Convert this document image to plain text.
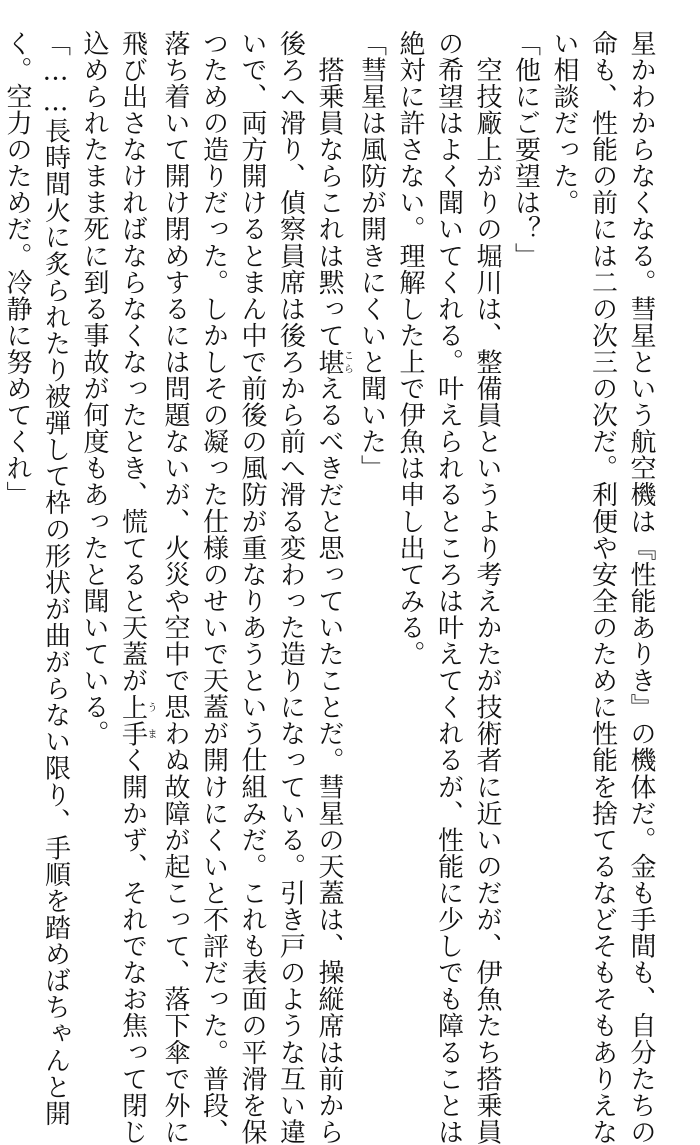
星かわからなくなる。彗星という航空機は『性能ありき』の機体だ。金も手間も、自分たちの
命も、性能の前には二の次三の次だ。利便や安全のために性能を捨てるなどそもそもありえな
い相談だった。
「他にご要望は？」
　空技廠上がりの堀川は、整備員というより考えかたが技術者に近いのだが、伊魚たち搭乗員
の希望はよく聞いてくれる。叶えられるところは叶えてくれるが、性能に少しでも障ることは
絶対に許さない。理解した上で伊魚は申し出てみる。
「彗星は風防が開きにくいと聞いた」
　搭乗員ならこれは黙って堪こらえるべきだと思っていたことだ。彗星の天蓋は、操縦席は前から
後ろへ滑り、偵察員席は後ろから前へ滑る変わった造りになっている。引き戸のような互い違
いで、両方開けるとまん中で前後の風防が重なりあうという仕組みだ。これも表面の平滑を保
つための造りだった。しかしその凝った仕様のせいで天蓋が開けにくいと不評だった。普段、
落ち着いて開け閉めするには問題ないが、火災や空中で思わぬ故障が起こって、落下傘で外に
飛び出さなければならなくなったとき、慌てると天蓋が上手うまく開かず、それでなお焦って閉じ
込められたまま死に到る事故が何度もあったと聞いている。
「……長時間火に炙られたり被弾して枠の形状が曲がらない限り、手順を踏めばちゃんと開
く。空力のためだ。冷静に努めてくれ」
